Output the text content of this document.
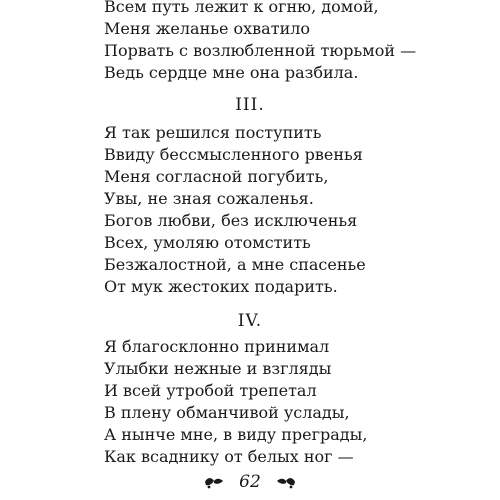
Всем путь лежит к огню, домой,
Меня желанье охватило
Порвать с возлюбленной тюрьмой —
Ведь сердце мне она разбила.
III.
Я так решился поступить
Ввиду бессмысленного рвенья
Меня согласной погубить,
Увы, не зная сожаленья.
Богов любви, без исключенья
Всех, умоляю отомстить
Безжалостной, а мне спасенье
От мук жестоких подарить.
IV.
Я благосклонно принимал
Улыбки нежные и взгляды
И всей утробой трепетал
В плену обманчивой услады,
А нынче мне, в виду преграды,
Как всаднику от белых ног —
62
